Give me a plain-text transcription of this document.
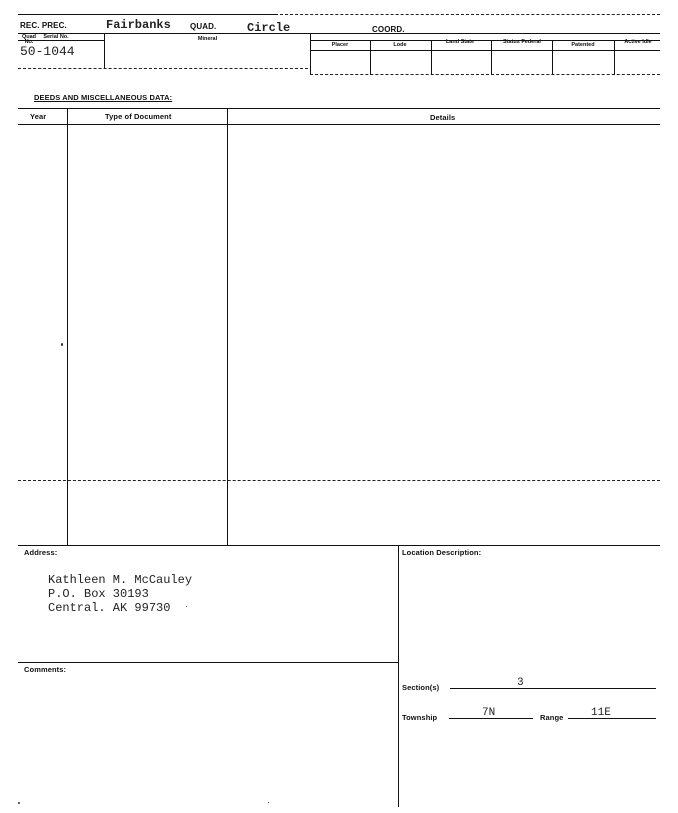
REC. PREC.	Fairbanks QUAD.	Circle	COORD.
Quad No.
Serial No.	Mineral
Placer	Lode	Land State	Status Federal	Patented	Active Idle
50-1044
DEEDS AND MISCELLANEOUS DATA:
Year	Type of Document	Details
Address:
Kathleen M. McCauley
P.O. Box 30193
Central. AK 99730
Location Description:
Comments:
Section(s)	3
Township	7N	Range	11E
